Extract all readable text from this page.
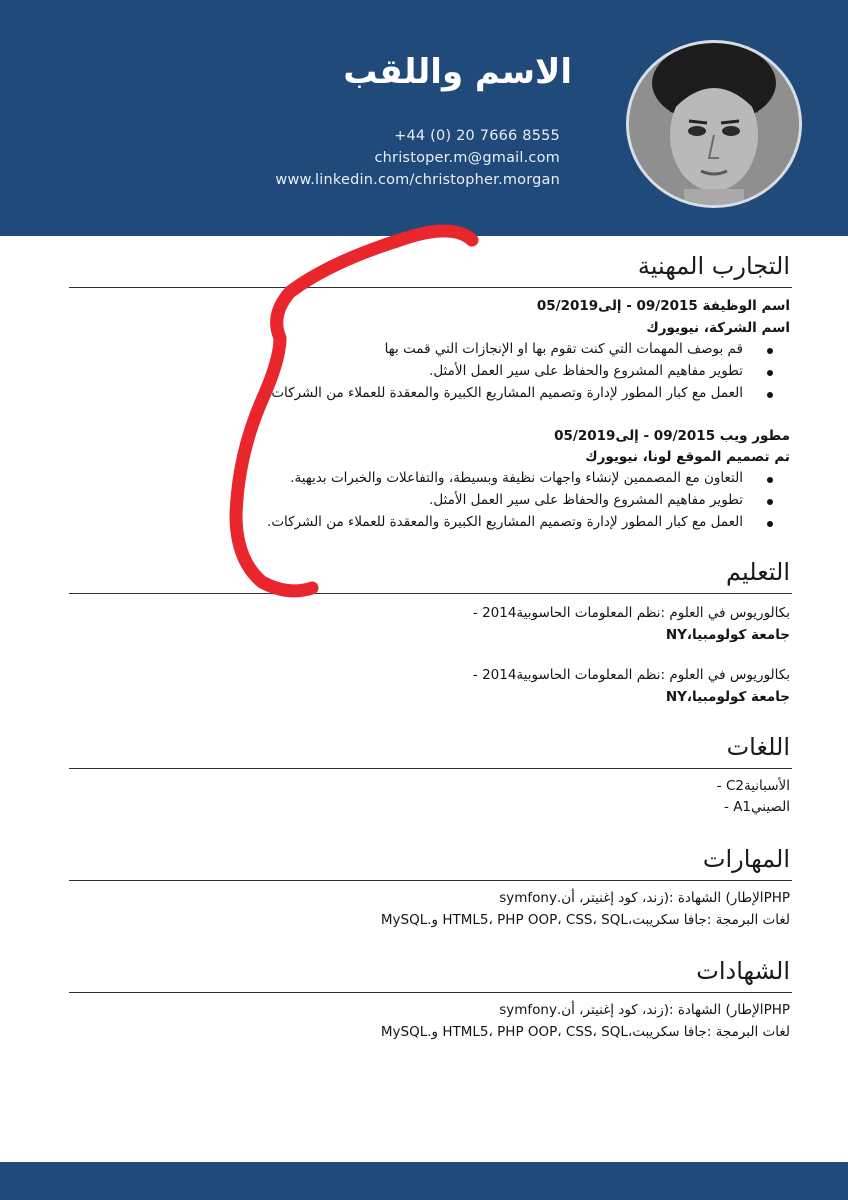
الاسم واللقب
+44 (0) 20 7666 8555
christoper.m@gmail.com
www.linkedin.com/christopher.morgan
التجارب المهنية
اسم الوظيفة 09/2015 - إلى05/2019
اسم الشركة، نيويورك
قم بوصف المهمات التي كنت تقوم بها او الإنجازات التي قمت بها
تطوير مفاهيم المشروع والحفاظ على سير العمل الأمثل.
العمل مع كبار المطور لإدارة وتصميم المشاريع الكبيرة والمعقدة للعملاء من الشركات.
مطور ويب 09/2015 - إلى05/2019
تم تصميم الموقع لونا، نيويورك
التعاون مع المصممين لإنشاء واجهات نظيفة وبسيطة، والتفاعلات والخبرات بديهية.
تطوير مفاهيم المشروع والحفاظ على سير العمل الأمثل.
العمل مع كبار المطور لإدارة وتصميم المشاريع الكبيرة والمعقدة للعملاء من الشركات.
التعليم
بكالوريوس في العلوم :نظم المعلومات الحاسوبية2014 -
جامعة كولومبيا،NY
بكالوريوس في العلوم :نظم المعلومات الحاسوبية2014 -
جامعة كولومبيا،NY
اللغات
الأسبانيةC2 -
الصينيA1 -
المهارات
PHPالإطار) الشهادة :(زند، كود إغنيتر، أن.symfony
لغات البرمجة :جافا سكريبت،HTML5، PHP OOP، CSS، SQL و.MySQL
الشهادات
PHPالإطار) الشهادة :(زند، كود إغنيتر، أن.symfony
لغات البرمجة :جافا سكريبت،HTML5، PHP OOP، CSS، SQL و.MySQL
